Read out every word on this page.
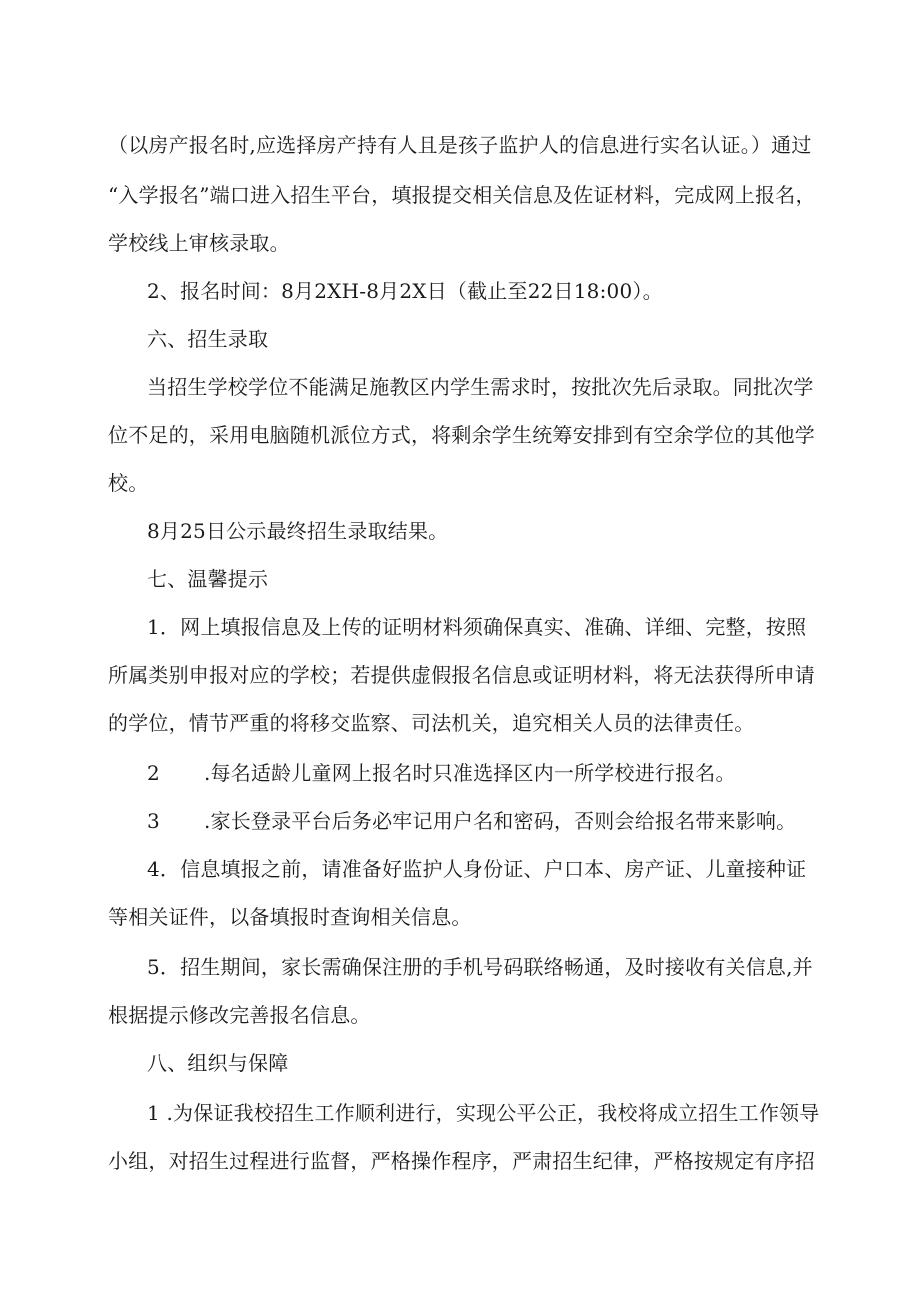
（以房产报名时,应选择房产持有人且是孩子监护人的信息进行实名认证。）通过
“入学报名”端口进入招生平台，填报提交相关信息及佐证材料，完成网上报名，
学校线上审核录取。
2、报名时间：8月2XH-8月2X日（截止至22日18:00）。
六、招生录取
当招生学校学位不能满足施教区内学生需求时，按批次先后录取。同批次学
位不足的，采用电脑随机派位方式，将剩余学生统筹安排到有空余学位的其他学
校。
8月25日公示最终招生录取结果。
七、温馨提示
1．网上填报信息及上传的证明材料须确保真实、准确、详细、完整，按照
所属类别申报对应的学校；若提供虚假报名信息或证明材料，将无法获得所申请
的学位，情节严重的将移交监察、司法机关，追究相关人员的法律责任。
2 .每名适龄儿童网上报名时只准选择区内一所学校进行报名。
3 .家长登录平台后务必牢记用户名和密码，否则会给报名带来影响。
4．信息填报之前，请准备好监护人身份证、户口本、房产证、儿童接种证
等相关证件，以备填报时查询相关信息。
5．招生期间，家长需确保注册的手机号码联络畅通，及时接收有关信息,并
根据提示修改完善报名信息。
八、组织与保障
1 .为保证我校招生工作顺利进行，实现公平公正，我校将成立招生工作领导
小组，对招生过程进行监督，严格操作程序，严肃招生纪律，严格按规定有序招
